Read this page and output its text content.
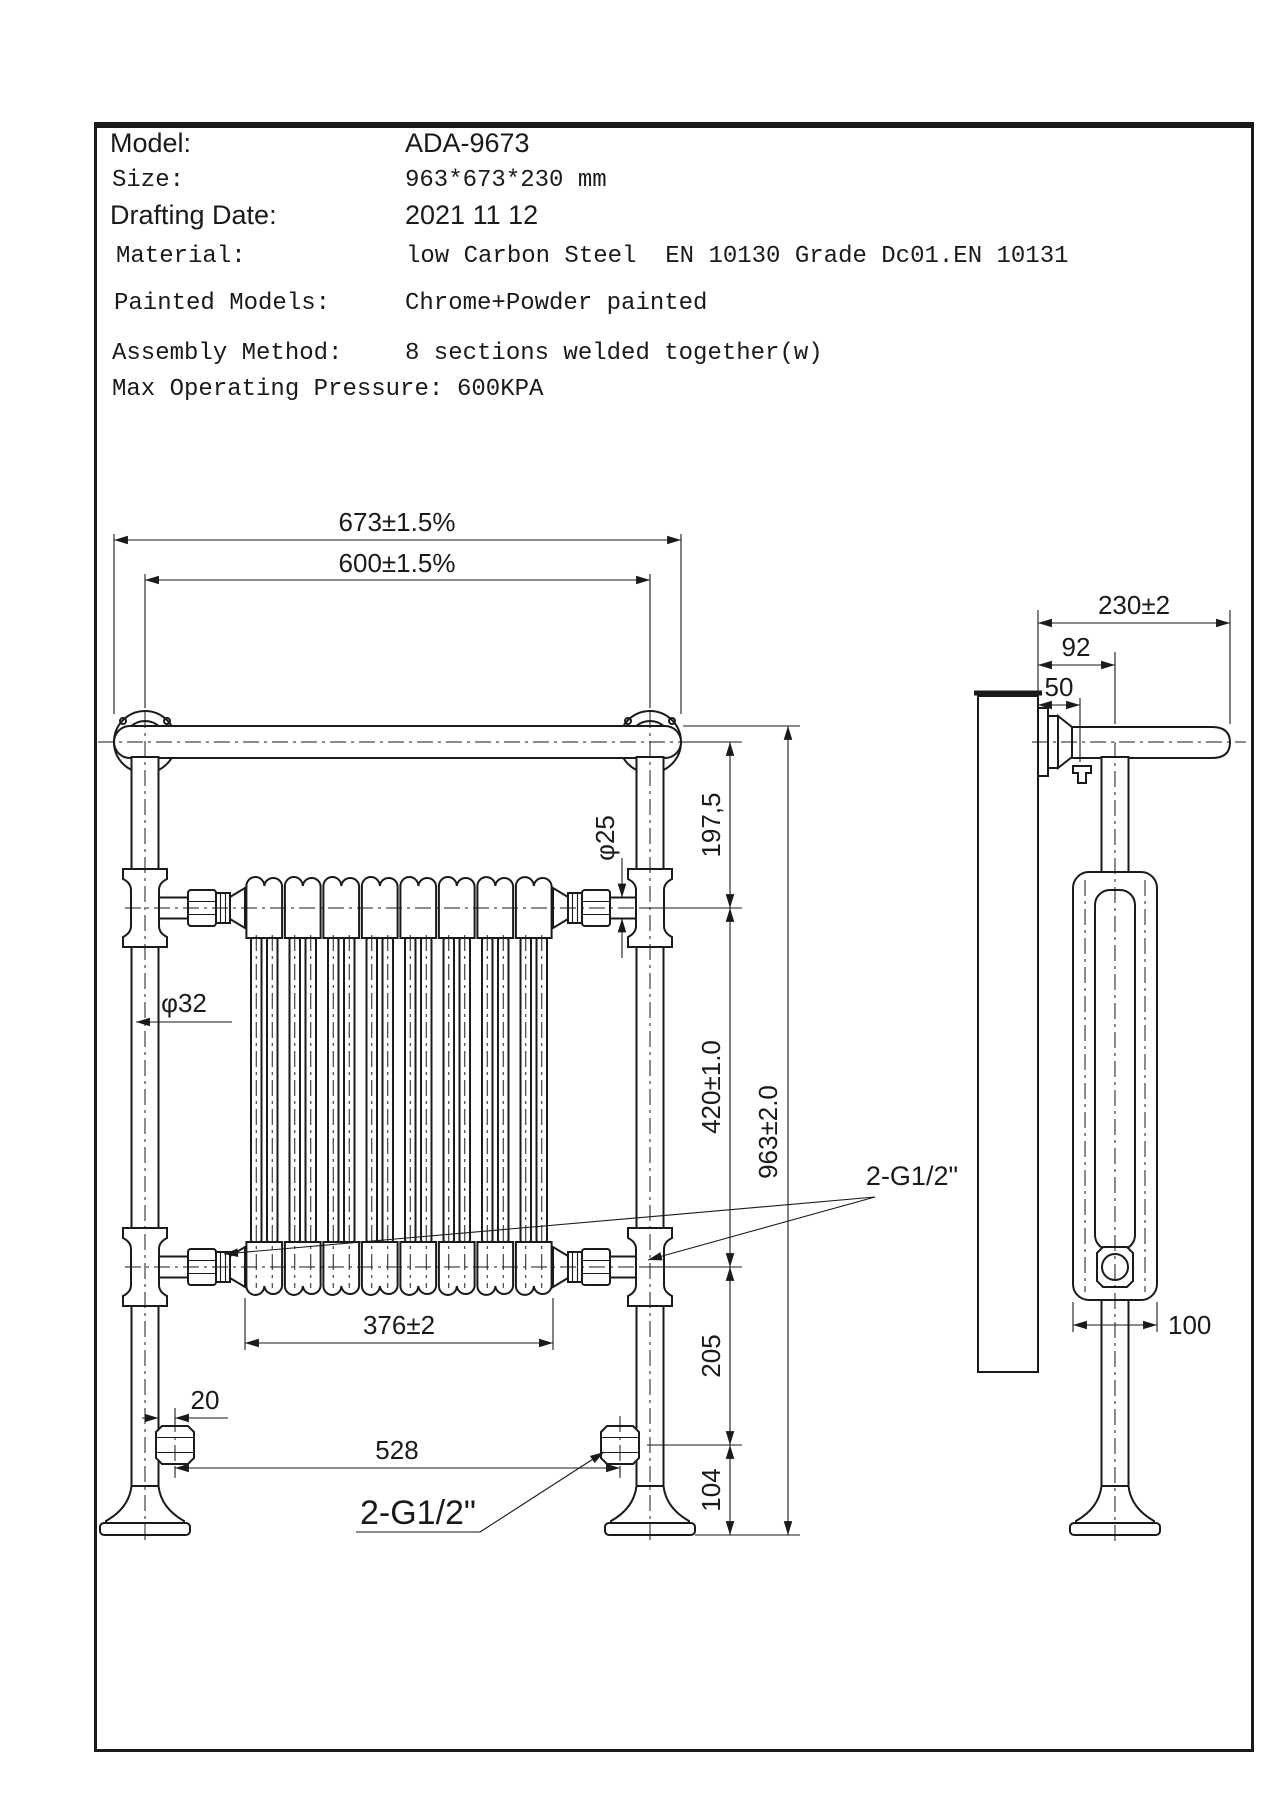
Model:	ADA-9673
Size:	963*673*230 mm
Drafting Date:	2021 11 12
Material:	low Carbon Steel  EN 10130 Grade Dc01.EN 10131
Painted Models:	Chrome+Powder painted
Assembly Method:	8 sections welded together(w)
Max Operating Pressure: 600KPA
673±1.5%
600±1.5%
197,5
420±1.0
205
104
963±2.0
376±2
φ32
φ25
20
528
2-G1/2"
2-G1/2"
230±2
92
50
100
